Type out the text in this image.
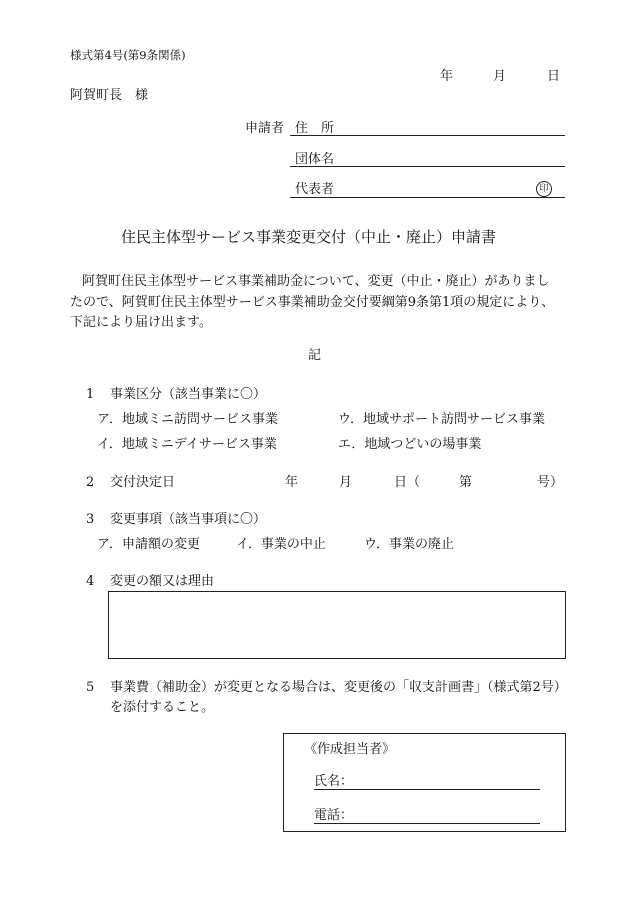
様式第4号(第9条関係)
年	月	日
阿賀町長　様
申請者 住　所
団体名
代表者	印
住民主体型サービス事業変更交付（中止・廃止）申請書
阿賀町住民主体型サービス事業補助金について、変更（中止・廃止）がありまし
たので、阿賀町住民主体型サービス事業補助金交付要綱第9条第1項の規定により、
下記により届け出ます。
記
1 事業区分（該当事業に〇）
ア．地域ミニ訪問サービス事業	ウ．地域サポート訪問サービス事業
イ．地域ミニデイサービス事業	エ．地域つどいの場事業
2 交付決定日	年	月	日（	第	号）
3 変更事項（該当事項に〇）
ア．申請額の変更	イ．事業の中止	ウ．事業の廃止
4 変更の額又は理由
5 事業費（補助金）が変更となる場合は、変更後の「収支計画書」（様式第2号）
を添付すること。
《作成担当者》
氏名：
電話：
